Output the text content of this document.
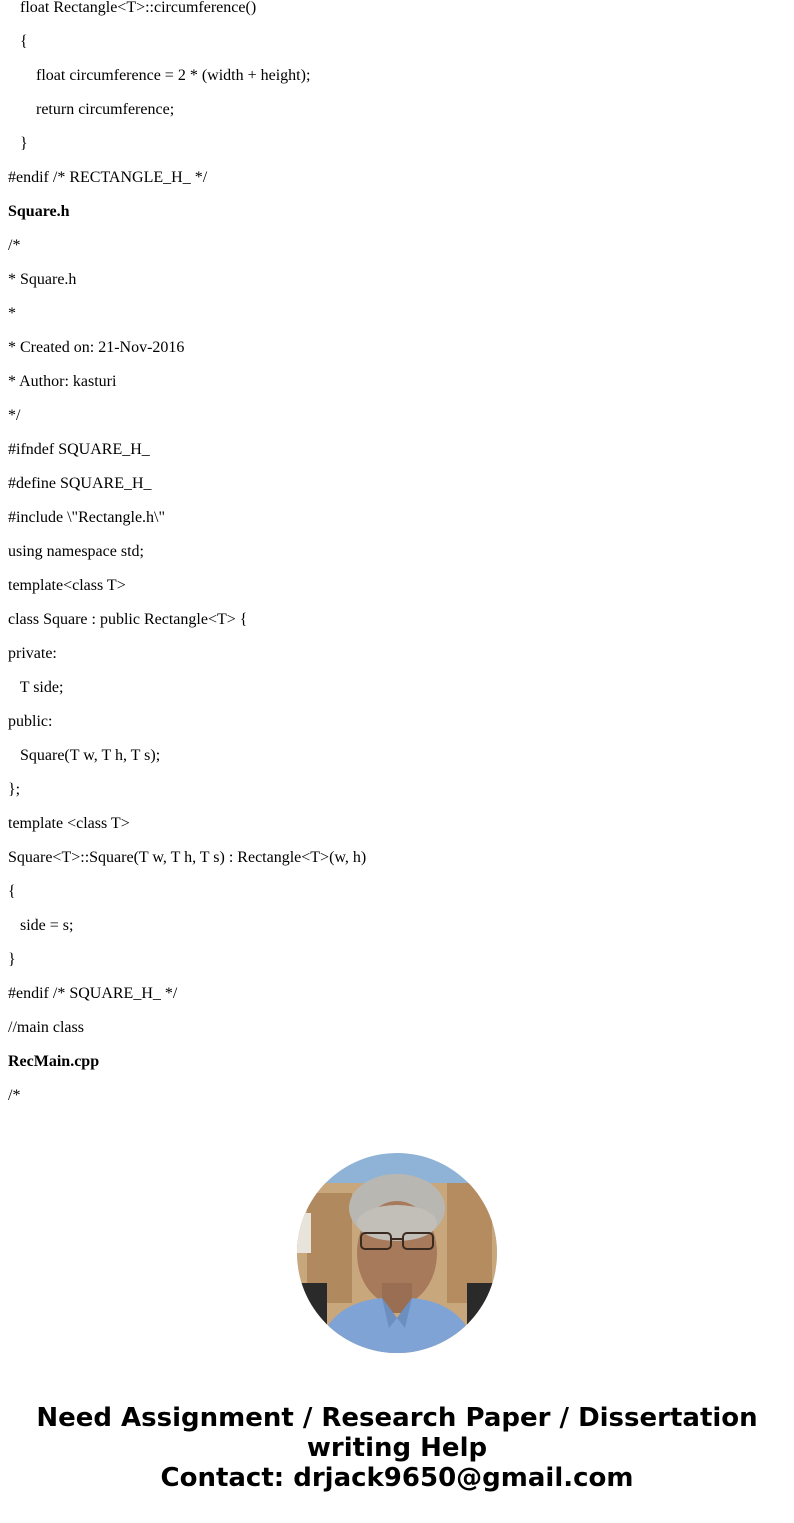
float Rectangle<T>::circumference()
{
float circumference = 2 * (width + height);
return circumference;
}
#endif /* RECTANGLE_H_ */
Square.h
/*
* Square.h
*
* Created on: 21-Nov-2016
* Author: kasturi
*/
#ifndef SQUARE_H_
#define SQUARE_H_
#include \"Rectangle.h\"
using namespace std;
template<class T>
class Square : public Rectangle<T> {
private:
T side;
public:
Square(T w, T h, T s);
};
template <class T>
Square<T>::Square(T w, T h, T s) : Rectangle<T>(w, h)
{
side = s;
}
#endif /* SQUARE_H_ */
//main class
RecMain.cpp
/*
Need Assignment / Research Paper / Dissertation
writing Help
Contact: drjack9650@gmail.com
